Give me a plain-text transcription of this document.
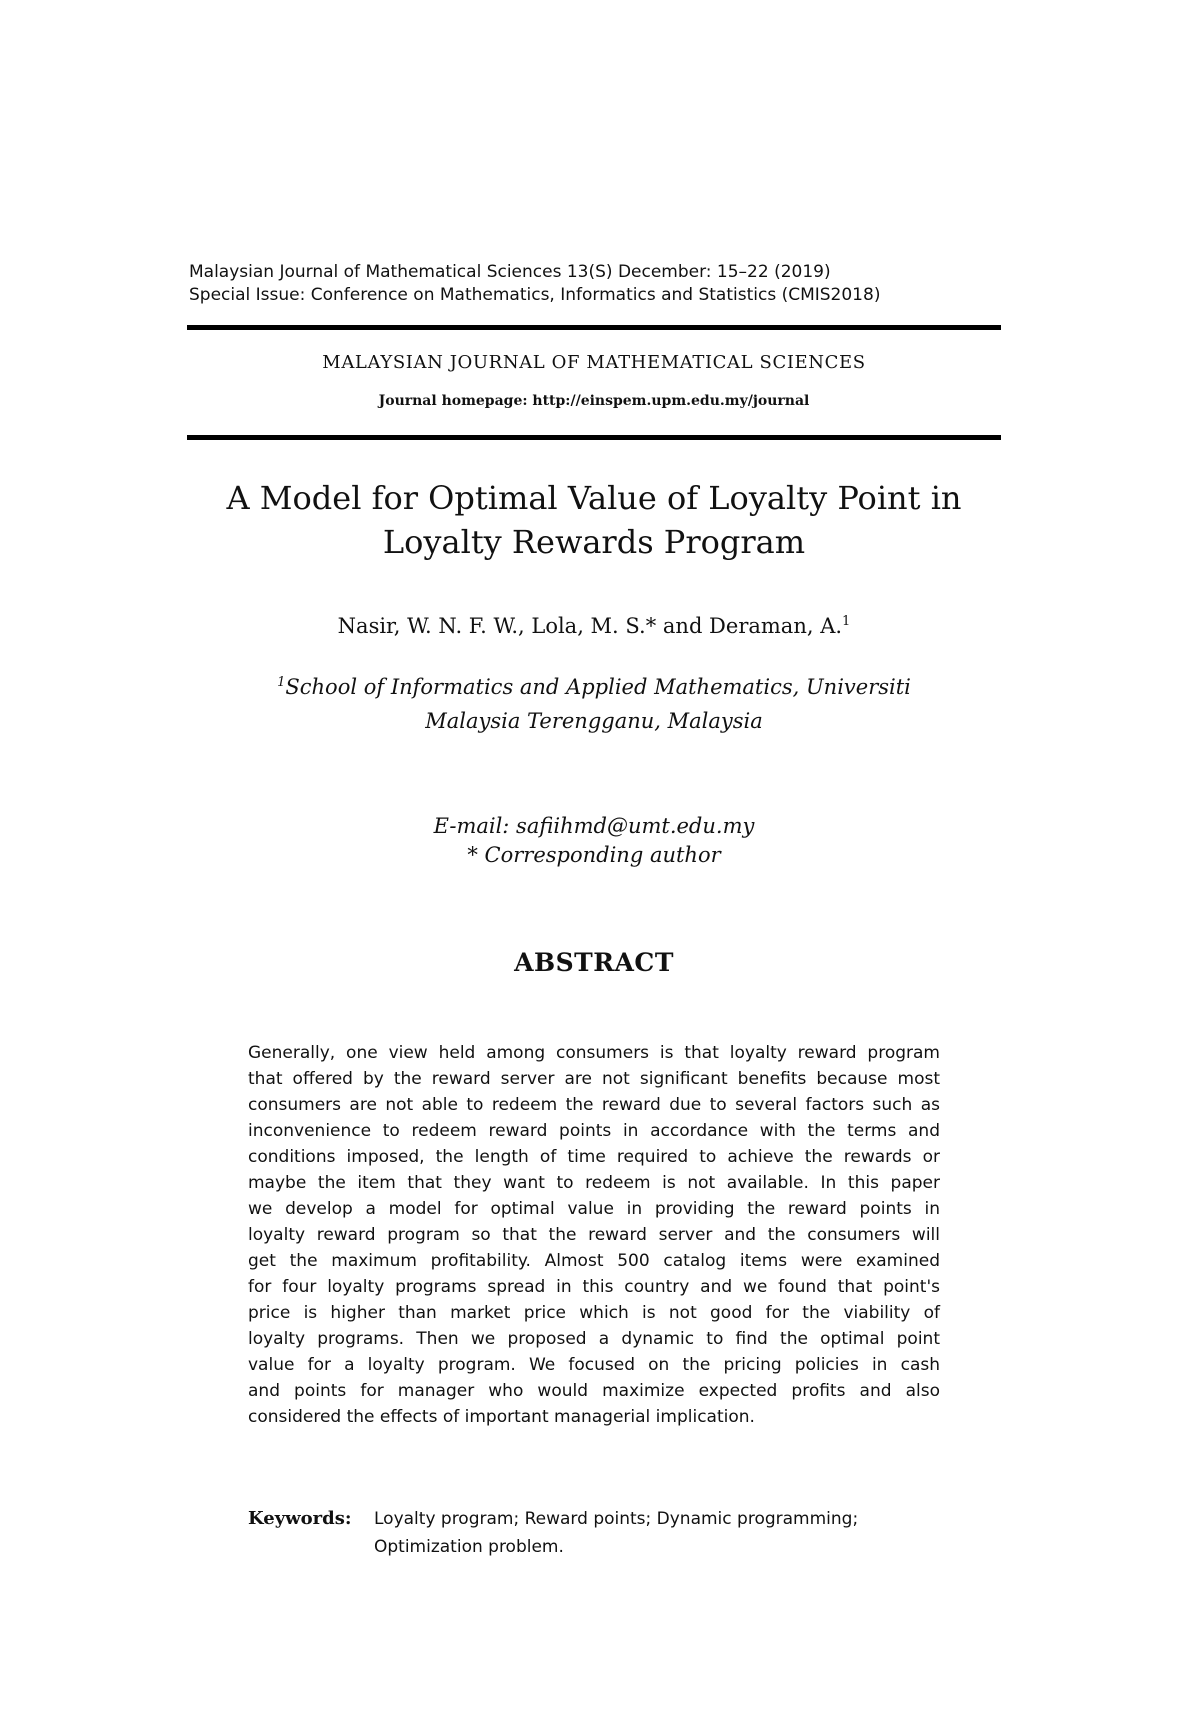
Malaysian Journal of Mathematical Sciences 13(S) December: 15–22 (2019)
Special Issue: Conference on Mathematics, Informatics and Statistics (CMIS2018)
MALAYSIAN JOURNAL OF MATHEMATICAL SCIENCES
Journal homepage: http://einspem.upm.edu.my/journal
A Model for Optimal Value of Loyalty Point in
Loyalty Rewards Program
Nasir, W. N. F. W., Lola, M. S.* and Deraman, A.$^1$
$^1$School of Informatics and Applied Mathematics, Universiti
Malaysia Terengganu, Malaysia
E-mail: safiihmd@umt.edu.my
* Corresponding author
ABSTRACT
Generally, one view held among consumers is that loyalty reward program
that offered by the reward server are not significant benefits because most
consumers are not able to redeem the reward due to several factors such as
inconvenience to redeem reward points in accordance with the terms and
conditions imposed, the length of time required to achieve the rewards or
maybe the item that they want to redeem is not available. In this paper
we develop a model for optimal value in providing the reward points in
loyalty reward program so that the reward server and the consumers will
get the maximum profitability. Almost 500 catalog items were examined
for four loyalty programs spread in this country and we found that point's
price is higher than market price which is not good for the viability of
loyalty programs. Then we proposed a dynamic to find the optimal point
value for a loyalty program. We focused on the pricing policies in cash
and points for manager who would maximize expected profits and also
considered the effects of important managerial implication.
Keywords: Loyalty program; Reward points; Dynamic programming;
Optimization problem.
